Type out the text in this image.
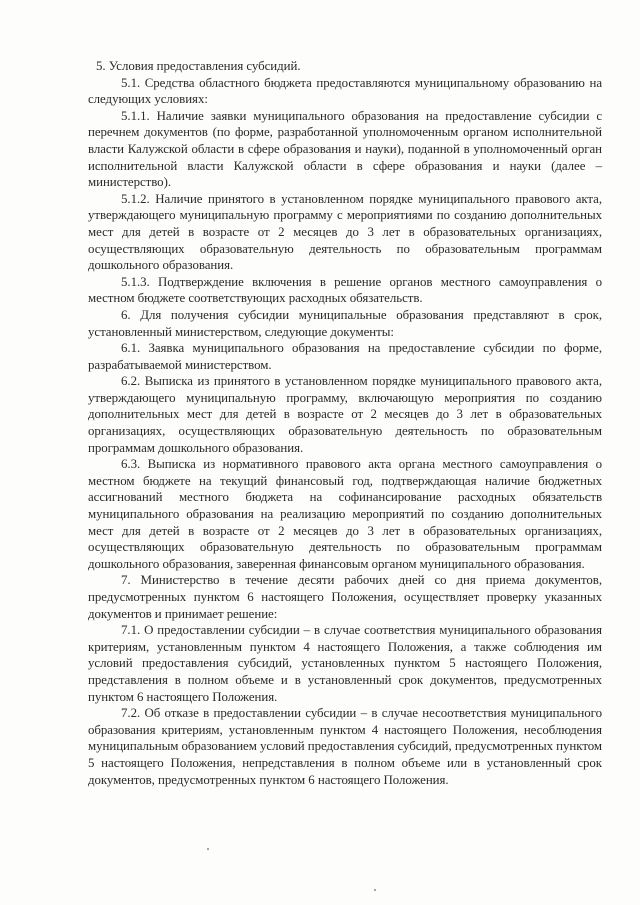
5. Условия предоставления субсидий.

5.1. Средства областного бюджета предоставляются муниципальному образованию на следующих условиях:

5.1.1. Наличие заявки муниципального образования на предоставление субсидии с перечнем документов (по форме, разработанной уполномоченным органом исполнительной власти Калужской области в сфере образования и науки), поданной в уполномоченный орган исполнительной власти Калужской области в сфере образования и науки (далее – министерство).

5.1.2. Наличие принятого в установленном порядке муниципального правового акта, утверждающего муниципальную программу с мероприятиями по созданию дополнительных мест для детей в возрасте от 2 месяцев до 3 лет в образовательных организациях, осуществляющих образовательную деятельность по образовательным программам дошкольного образования.

5.1.3. Подтверждение включения в решение органов местного самоуправления о местном бюджете соответствующих расходных обязательств.

6. Для получения субсидии муниципальные образования представляют в срок, установленный министерством, следующие документы:

6.1. Заявка муниципального образования на предоставление субсидии по форме, разрабатываемой министерством.

6.2. Выписка из принятого в установленном порядке муниципального правового акта, утверждающего муниципальную программу, включающую мероприятия по созданию дополнительных мест для детей в возрасте от 2 месяцев до 3 лет в образовательных организациях, осуществляющих образовательную деятельность по образовательным программам дошкольного образования.

6.3. Выписка из нормативного правового акта органа местного самоуправления о местном бюджете на текущий финансовый год, подтверждающая наличие бюджетных ассигнований местного бюджета на софинансирование расходных обязательств муниципального образования на реализацию мероприятий по созданию дополнительных мест для детей в возрасте от 2 месяцев до 3 лет в образовательных организациях, осуществляющих образовательную деятельность по образовательным программам дошкольного образования, заверенная финансовым органом муниципального образования.

7. Министерство в течение десяти рабочих дней со дня приема документов, предусмотренных пунктом 6 настоящего Положения, осуществляет проверку указанных документов и принимает решение:

7.1. О предоставлении субсидии – в случае соответствия муниципального образования критериям, установленным пунктом 4 настоящего Положения, а также соблюдения им условий предоставления субсидий, установленных пунктом 5 настоящего Положения, представления в полном объеме и в установленный срок документов, предусмотренных пунктом 6 настоящего Положения.

7.2. Об отказе в предоставлении субсидии – в случае несоответствия муниципального образования критериям, установленным пунктом 4 настоящего Положения, несоблюдения муниципальным образованием условий предоставления субсидий, предусмотренных пунктом 5 настоящего Положения, непредставления в полном объеме или в установленный срок документов, предусмотренных пунктом 6 настоящего Положения.
